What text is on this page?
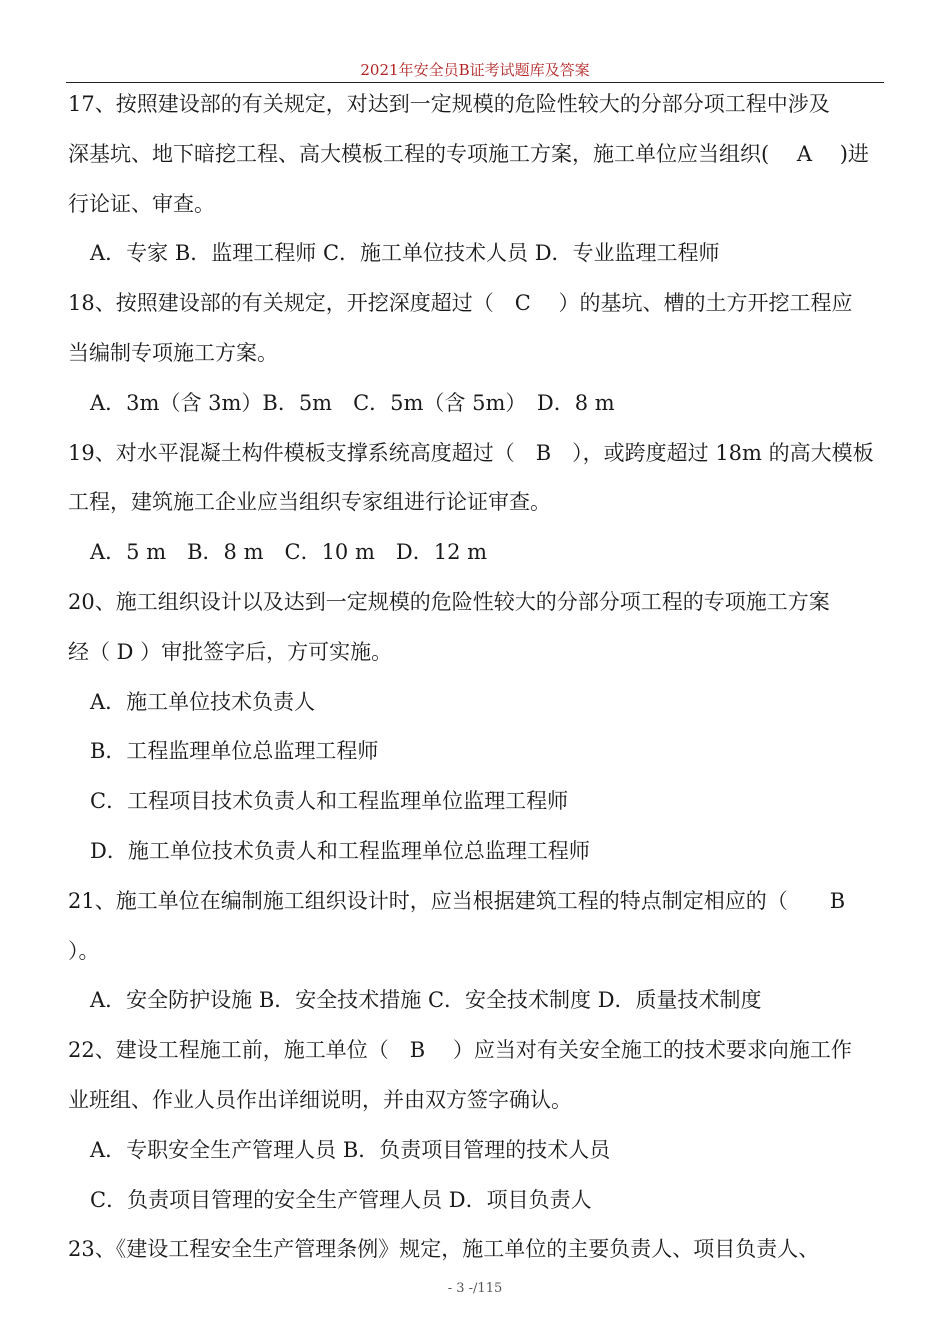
2021年安全员B证考试题库及答案
17、按照建设部的有关规定，对达到一定规模的危险性较大的分部分项工程中涉及
深基坑、地下暗挖工程、高大模板工程的专项施工方案，施工单位应当组织(　 A　 )进
行论证、审查。
A．专家 B．监理工程师 C．施工单位技术人员 D．专业监理工程师
18、按照建设部的有关规定，开挖深度超过（　C　 ）的基坑、槽的土方开挖工程应
当编制专项施工方案。
A．3m（含 3m）B．5m　C．5m（含 5m）　D．8 m
19、对水平混凝土构件模板支撑系统高度超过（　B　），或跨度超过 18m 的高大模板
工程，建筑施工企业应当组织专家组进行论证审查。
A．5 m　B．8 m　C．10 m　D．12 m
20、施工组织设计以及达到一定规模的危险性较大的分部分项工程的专项施工方案
经（ D ）审批签字后，方可实施。
A．施工单位技术负责人
B．工程监理单位总监理工程师
C．工程项目技术负责人和工程监理单位监理工程师
D．施工单位技术负责人和工程监理单位总监理工程师
21、施工单位在编制施工组织设计时，应当根据建筑工程的特点制定相应的（　　B
）。
A．安全防护设施 B．安全技术措施 C．安全技术制度 D．质量技术制度
22、建设工程施工前，施工单位（　B　 ）应当对有关安全施工的技术要求向施工作
业班组、作业人员作出详细说明，并由双方签字确认。
A．专职安全生产管理人员 B．负责项目管理的技术人员
C．负责项目管理的安全生产管理人员 D．项目负责人
23、《建设工程安全生产管理条例》规定，施工单位的主要负责人、项目负责人、
- 3 -/115
